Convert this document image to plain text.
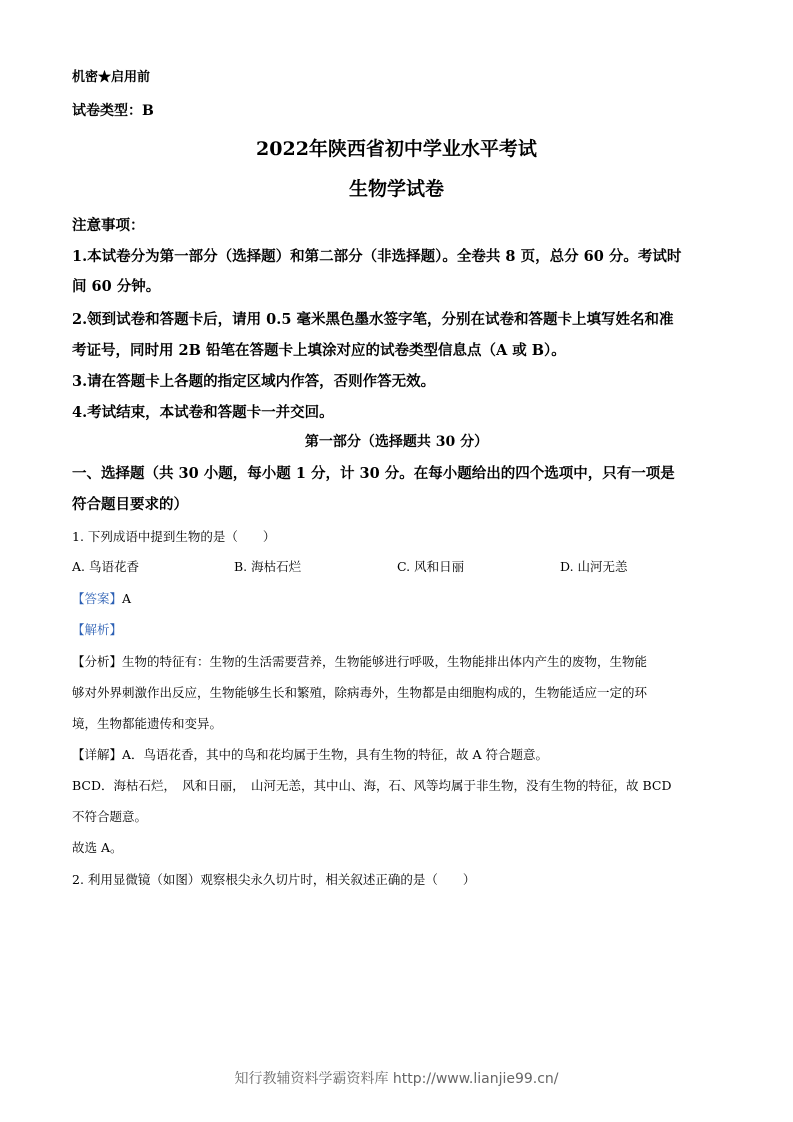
机密★启用前
试卷类型：B
2022年陕西省初中学业水平考试
生物学试卷
注意事项：
1.本试卷分为第一部分（选择题）和第二部分（非选择题）。全卷共 8 页，总分 60 分。考试时
间 60 分钟。
2.领到试卷和答题卡后，请用 0.5 毫米黑色墨水签字笔，分别在试卷和答题卡上填写姓名和准
考证号，同时用 2B 铅笔在答题卡上填涂对应的试卷类型信息点（A 或 B）。
3.请在答题卡上各题的指定区域内作答，否则作答无效。
4.考试结束，本试卷和答题卡一并交回。
第一部分（选择题共 30 分）
一、选择题（共 30 小题，每小题 1 分，计 30 分。在每小题给出的四个选项中，只有一项是
符合题目要求的）
1. 下列成语中提到生物的是（　　）
A. 鸟语花香	B. 海枯石烂	C. 风和日丽	D. 山河无恙
【答案】A
【解析】
【分析】生物的特征有：生物的生活需要营养，生物能够进行呼吸，生物能排出体内产生的废物，生物能
够对外界刺激作出反应，生物能够生长和繁殖，除病毒外，生物都是由细胞构成的，生物能适应一定的环
境，生物都能遗传和变异。
【详解】A．鸟语花香，其中的鸟和花均属于生物，具有生物的特征，故 A 符合题意。
BCD．海枯石烂，　风和日丽，　山河无恙，其中山、海，石、风等均属于非生物，没有生物的特征，故 BCD
不符合题意。
故选 A。
2. 利用显微镜（如图）观察根尖永久切片时，相关叙述正确的是（　　）
知行教辅资料学霸资料库 http://www.lianjie99.cn/
